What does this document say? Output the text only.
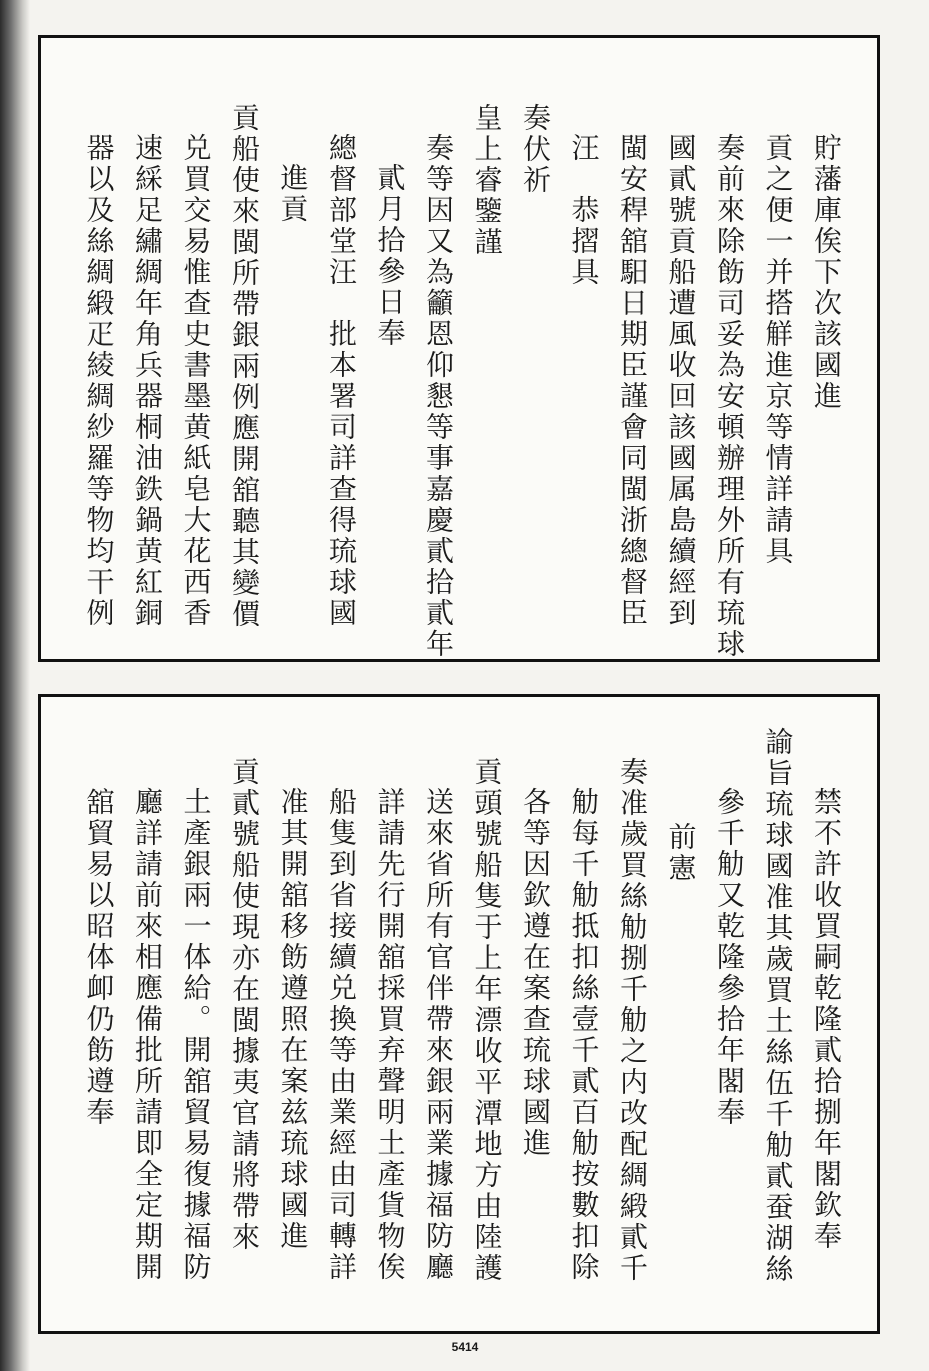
貯藩庫俟下次該國進
貢之便一并搭觧進京等情詳請具
奏前來除飭司妥為安頓辦理外所有琉球
國貳號貢船遭風收回該國属島續經到
閩安稈舘馹日期臣謹會同閩浙總督臣
汪　恭摺具
奏伏祈
皇上睿鑒謹
奏等因又為籲恩仰懇等事嘉慶貳拾貳年
貳月拾參日奉
總督部堂汪　批本署司詳查得琉球國
進貢
貢船使來閩所帶銀兩例應開舘聽其變價
兑買交易惟查史書墨黄紙皂大花西香
速綵足繡綢年角兵器桐油鉄鍋黄紅銅
器以及絲綢緞疋綾綢紗羅等物均干例
禁不許收買嗣乾隆貳拾捌年閣欽奉
諭旨琉球國准其歲買土絲伍千觔貳蚕湖絲
參千觔又乾隆參拾年閣奉
前憲
奏准歲買絲觔捌千觔之内改配綢緞貳千
觔每千觔抵扣絲壹千貳百觔按數扣除
各等因欽遵在案查琉球國進
貢頭號船隻于上年漂收平潭地方由陸護
送來省所有官伴帶來銀兩業據福防廳
詳請先行開舘採買弃聲明土產貨物俟
船隻到省接續兑換等由業經由司轉詳
准其開舘移飭遵照在案兹琉球國進
貢貳號船使現亦在閩據夷官請將帶來
土產銀兩一体給。開舘貿易復據福防
廳詳請前來相應備批所請即全定期開
舘貿易以昭体卹仍飭遵奉
5414
